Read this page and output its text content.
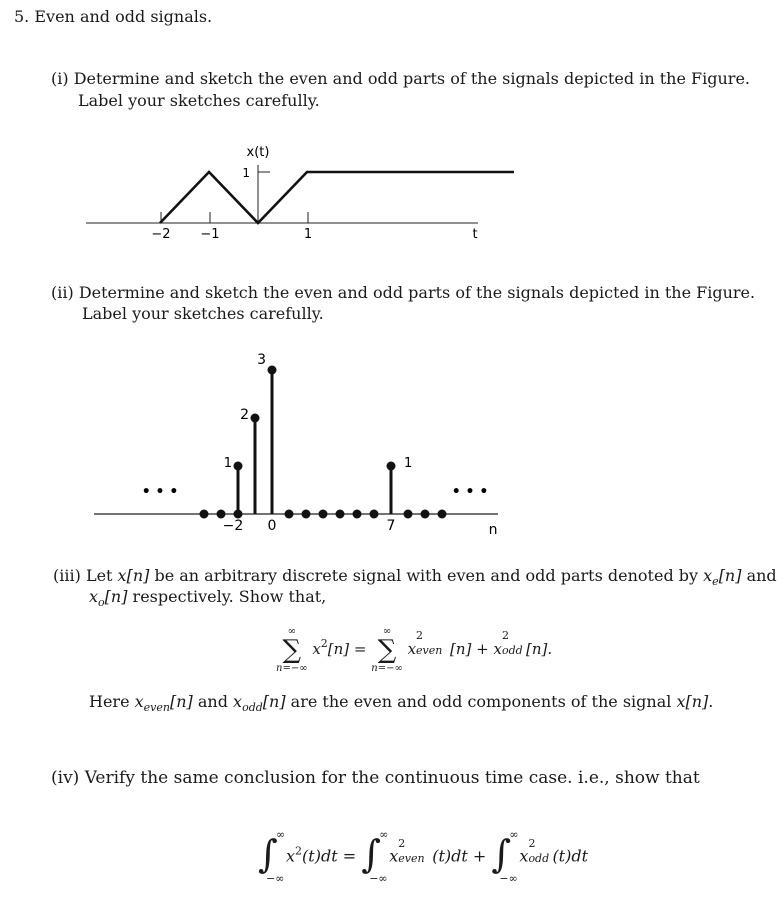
5. Even and odd signals.
(i) Determine and sketch the even and odd parts of the signals depicted in the Figure.
Label your sketches carefully.
x(t)
1
−2 −1	1	t
(ii) Determine and sketch the even and odd parts of the signals depicted in the Figure.
Label your sketches carefully.
• • •	• • •
−2 0	7	n
1
2
3
1
(iii) Let x[n] be an arbitrary discrete signal with even and odd parts denoted by $x_e[n]$ and
$x_o[n]$ respectively. Show that,
∞
∑
n=−∞
$x^2[n]$ =
∞
∑
n=−∞
x
2
even [n] + x
2
odd [n].
Here $x_{even}[n]$ and $x_{odd}[n]$ are the even and odd components of the signal x[n].
(iv) Verify the same conclusion for the continuous time case. i.e., show that
∫
∞
−∞
$x^2(t)dt$ = ∫
∞
−∞
x
2
even (t)dt + ∫
∞
−∞
x
2
odd (t)dt
